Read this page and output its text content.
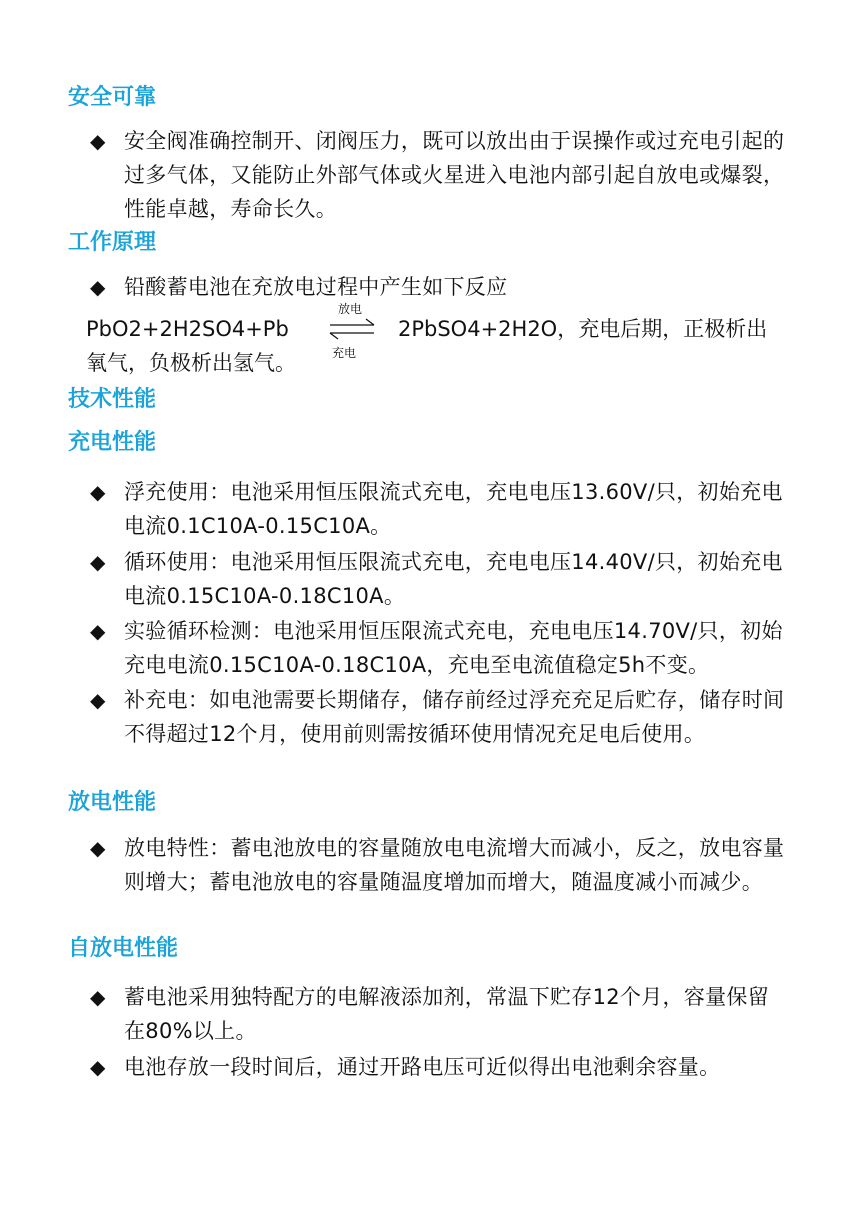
安全可靠
◆ 安全阀准确控制开、闭阀压力，既可以放出由于误操作或过充电引起的过多气体，又能防止外部气体或火星进入电池内部引起自放电或爆裂，性能卓越，寿命长久。

工作原理
◆ 铅酸蓄电池在充放电过程中产生如下反应

PbO2+2H2SO4+Pb
放电
充电
2PbSO4+2H2O，充电后期，正极析出
氧气，负极析出氢气。
技术性能
充电性能
◆ 浮充使用：电池采用恒压限流式充电，充电电压13.60V/只，初始充电电流0.1C10A-0.15C10A。

◆ 循环使用：电池采用恒压限流式充电，充电电压14.40V/只，初始充电电流0.15C10A-0.18C10A。

◆ 实验循环检测：电池采用恒压限流式充电，充电电压14.70V/只，初始充电电流0.15C10A-0.18C10A，充电至电流值稳定5h不变。

◆ 补充电：如电池需要长期储存，储存前经过浮充充足后贮存，储存时间不得超过12个月，使用前则需按循环使用情况充足电后使用。

放电性能
◆ 放电特性：蓄电池放电的容量随放电电流增大而减小，反之，放电容量则增大；蓄电池放电的容量随温度增加而增大，随温度减小而减少。

自放电性能
◆ 蓄电池采用独特配方的电解液添加剂，常温下贮存12个月，容量保留在80%以上。

◆ 电池存放一段时间后，通过开路电压可近似得出电池剩余容量。
